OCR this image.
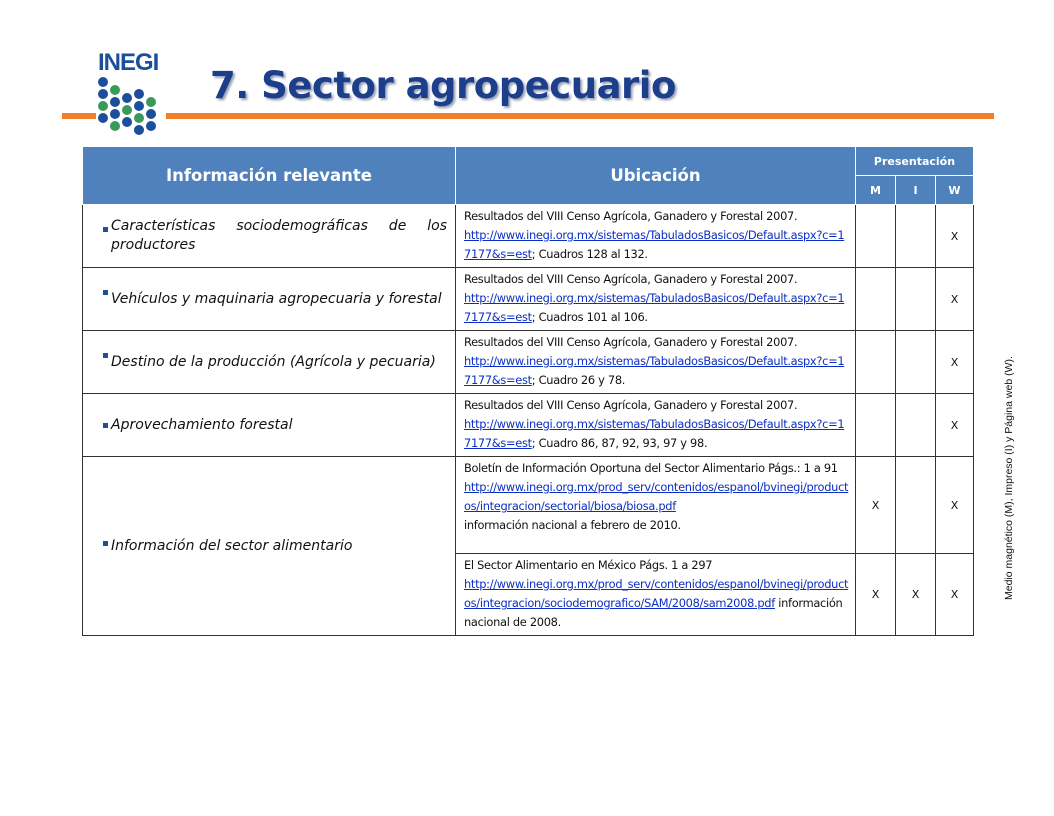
INEGI
7. Sector agropecuario
Medio magnético (M), Impreso (I) y Página web (W).
Información relevante	Ubicación	Presentación		
		M	I	W

Características sociodemográficas de los productores	Resultados del VIII Censo Agrícola, Ganadero y Forestal 2007.
http://www.inegi.org.mx/sistemas/TabuladosBasicos/Default.aspx?c=17177&s=est; Cuadros 128 al 132.			X

Vehículos y maquinaria agropecuaria y forestal	Resultados del VIII Censo Agrícola, Ganadero y Forestal 2007.
http://www.inegi.org.mx/sistemas/TabuladosBasicos/Default.aspx?c=17177&s=est; Cuadros 101 al 106.			X

Destino de la producción (Agrícola y pecuaria)	Resultados del VIII Censo Agrícola, Ganadero y Forestal 2007.
http://www.inegi.org.mx/sistemas/TabuladosBasicos/Default.aspx?c=17177&s=est; Cuadro 26 y 78.			X

Aprovechamiento forestal	Resultados del VIII Censo Agrícola, Ganadero y Forestal 2007.
http://www.inegi.org.mx/sistemas/TabuladosBasicos/Default.aspx?c=17177&s=est; Cuadro 86, 87, 92, 93, 97 y 98.			X

Información del sector alimentario	Boletín de Información Oportuna del Sector Alimentario Págs.: 1 a 91
http://www.inegi.org.mx/prod_serv/contenidos/espanol/bvinegi/productos/integracion/sectorial/biosa/biosa.pdf
información nacional a febrero de 2010.	X		X
	El Sector Alimentario en México Págs. 1 a 297
http://www.inegi.org.mx/prod_serv/contenidos/espanol/bvinegi/productos/integracion/sociodemografico/SAM/2008/sam2008.pdf información nacional de 2008.	X	X	X
